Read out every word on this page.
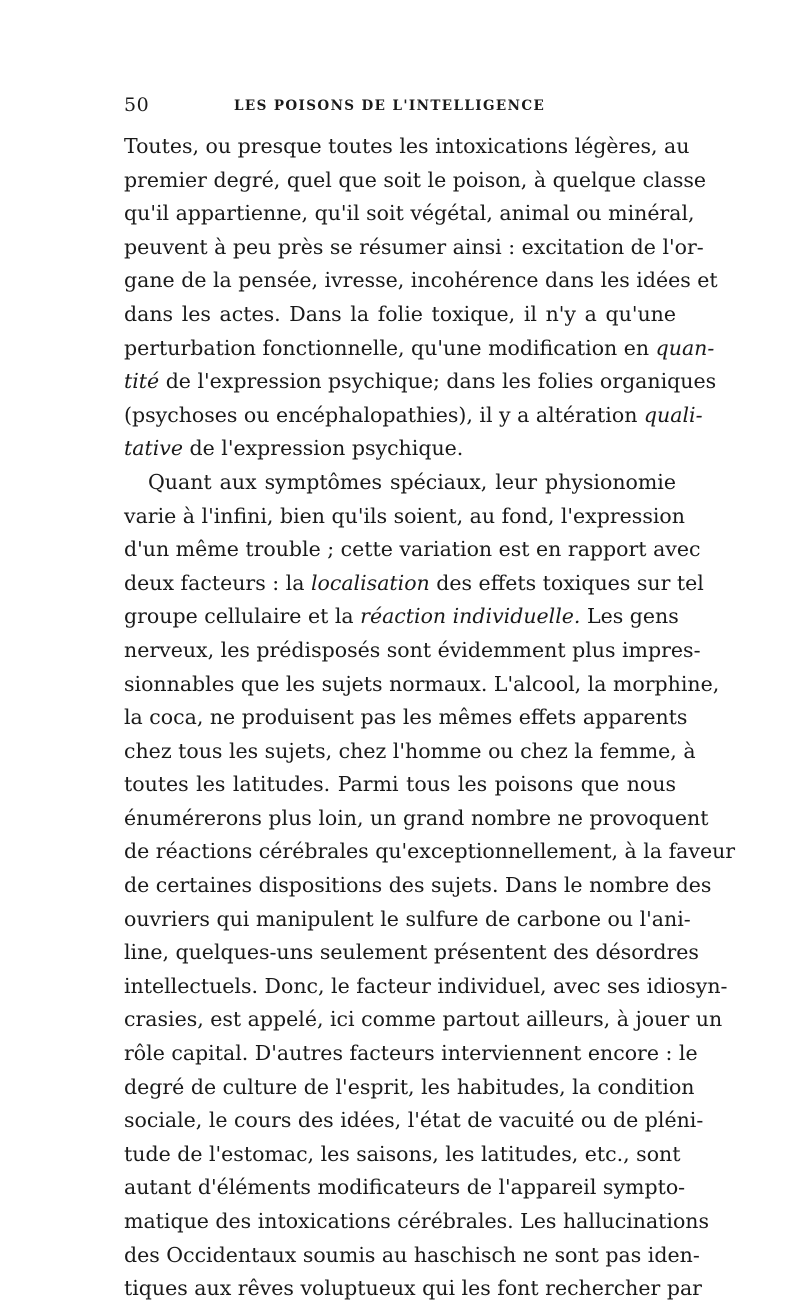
50	LES POISONS DE L'INTELLIGENCE
Toutes, ou presque toutes les intoxications légères, au
premier degré, quel que soit le poison, à quelque classe
qu'il appartienne, qu'il soit végétal, animal ou minéral,
peuvent à peu près se résumer ainsi : excitation de l'or-
gane de la pensée, ivresse, incohérence dans les idées et
dans les actes. Dans la folie toxique, il n'y a qu'une
perturbation fonctionnelle, qu'une modification en quan-
tité de l'expression psychique; dans les folies organiques
(psychoses ou encéphalopathies), il y a altération quali-
tative de l'expression psychique.
Quant aux symptômes spéciaux, leur physionomie
varie à l'infini, bien qu'ils soient, au fond, l'expression
d'un même trouble ; cette variation est en rapport avec
deux facteurs : la localisation des effets toxiques sur tel
groupe cellulaire et la réaction individuelle. Les gens
nerveux, les prédisposés sont évidemment plus impres-
sionnables que les sujets normaux. L'alcool, la morphine,
la coca, ne produisent pas les mêmes effets apparents
chez tous les sujets, chez l'homme ou chez la femme, à
toutes les latitudes. Parmi tous les poisons que nous
énumérerons plus loin, un grand nombre ne provoquent
de réactions cérébrales qu'exceptionnellement, à la faveur
de certaines dispositions des sujets. Dans le nombre des
ouvriers qui manipulent le sulfure de carbone ou l'ani-
line, quelques-uns seulement présentent des désordres
intellectuels. Donc, le facteur individuel, avec ses idiosyn-
crasies, est appelé, ici comme partout ailleurs, à jouer un
rôle capital. D'autres facteurs interviennent encore : le
degré de culture de l'esprit, les habitudes, la condition
sociale, le cours des idées, l'état de vacuité ou de pléni-
tude de l'estomac, les saisons, les latitudes, etc., sont
autant d'éléments modificateurs de l'appareil sympto-
matique des intoxications cérébrales. Les hallucinations
des Occidentaux soumis au haschisch ne sont pas iden-
tiques aux rêves voluptueux qui les font rechercher par
